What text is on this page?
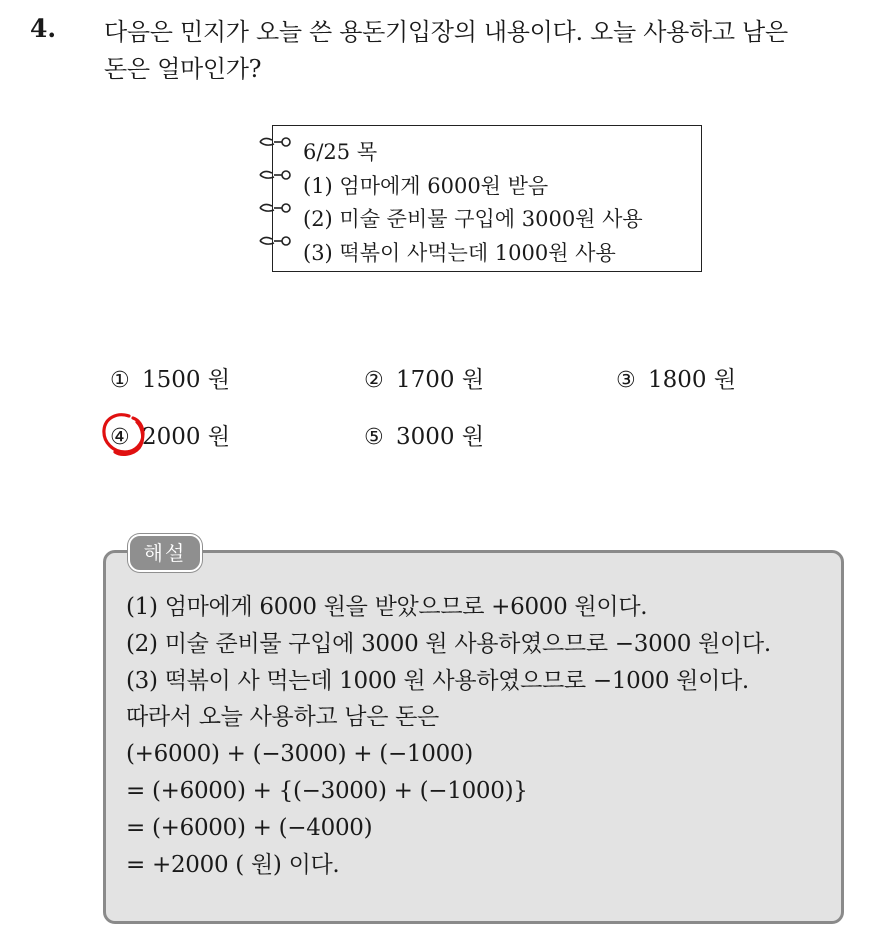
4. 다음은 민지가 오늘 쓴 용돈기입장의 내용이다. 오늘 사용하고 남은
돈은 얼마인가?
6/25 목
(1) 엄마에게 6000원 받음
(2) 미술 준비물 구입에 3000원 사용
(3) 떡볶이 사먹는데 1000원 사용
① 1500 원	② 1700 원	③ 1800 원
④ 2000 원	⑤ 3000 원
해설
(1) 엄마에게 6000 원을 받았으므로 +6000 원이다.
(2) 미술 준비물 구입에 3000 원 사용하였으므로 −3000 원이다.
(3) 떡볶이 사 먹는데 1000 원 사용하였으므로 −1000 원이다.
따라서 오늘 사용하고 남은 돈은
(+6000) + (−3000) + (−1000)
= (+6000) + {(−3000) + (−1000)}
= (+6000) + (−4000)
= +2000 ( 원) 이다.
